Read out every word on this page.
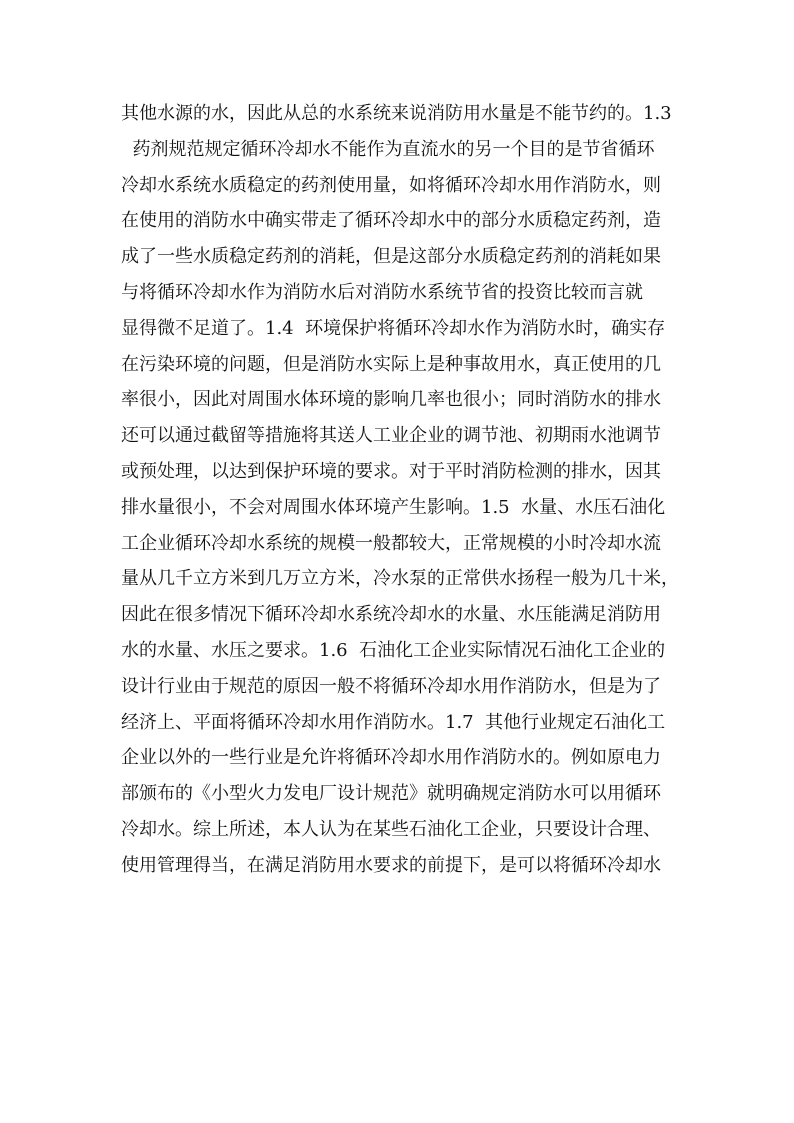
其他水源的水，因此从总的水系统来说消防用水量是不能节约的。1.3
药剂规范规定循环冷却水不能作为直流水的另一个目的是节省循环
冷却水系统水质稳定的药剂使用量，如将循环冷却水用作消防水，则
在使用的消防水中确实带走了循环冷却水中的部分水质稳定药剂，造
成了一些水质稳定药剂的消耗，但是这部分水质稳定药剂的消耗如果
与将循环冷却水作为消防水后对消防水系统节省的投资比较而言就
显得微不足道了。1.4  环境保护将循环冷却水作为消防水时，确实存
在污染环境的问题，但是消防水实际上是种事故用水，真正使用的几
率很小，因此对周围水体环境的影响几率也很小；同时消防水的排水
还可以通过截留等措施将其送人工业企业的调节池、初期雨水池调节
或预处理，以达到保护环境的要求。对于平时消防检测的排水，因其
排水量很小，不会对周围水体环境产生影响。1.5  水量、水压石油化
工企业循环冷却水系统的规模一般都较大，正常规模的小时冷却水流
量从几千立方米到几万立方米，冷水泵的正常供水扬程一般为几十米，
因此在很多情况下循环冷却水系统冷却水的水量、水压能满足消防用
水的水量、水压之要求。1.6  石油化工企业实际情况石油化工企业的
设计行业由于规范的原因一般不将循环冷却水用作消防水，但是为了
经济上、平面将循环冷却水用作消防水。1.7  其他行业规定石油化工
企业以外的一些行业是允许将循环冷却水用作消防水的。例如原电力
部颁布的《小型火力发电厂设计规范》就明确规定消防水可以用循环
冷却水。综上所述，本人认为在某些石油化工企业，只要设计合理、
使用管理得当，在满足消防用水要求的前提下，是可以将循环冷却水
